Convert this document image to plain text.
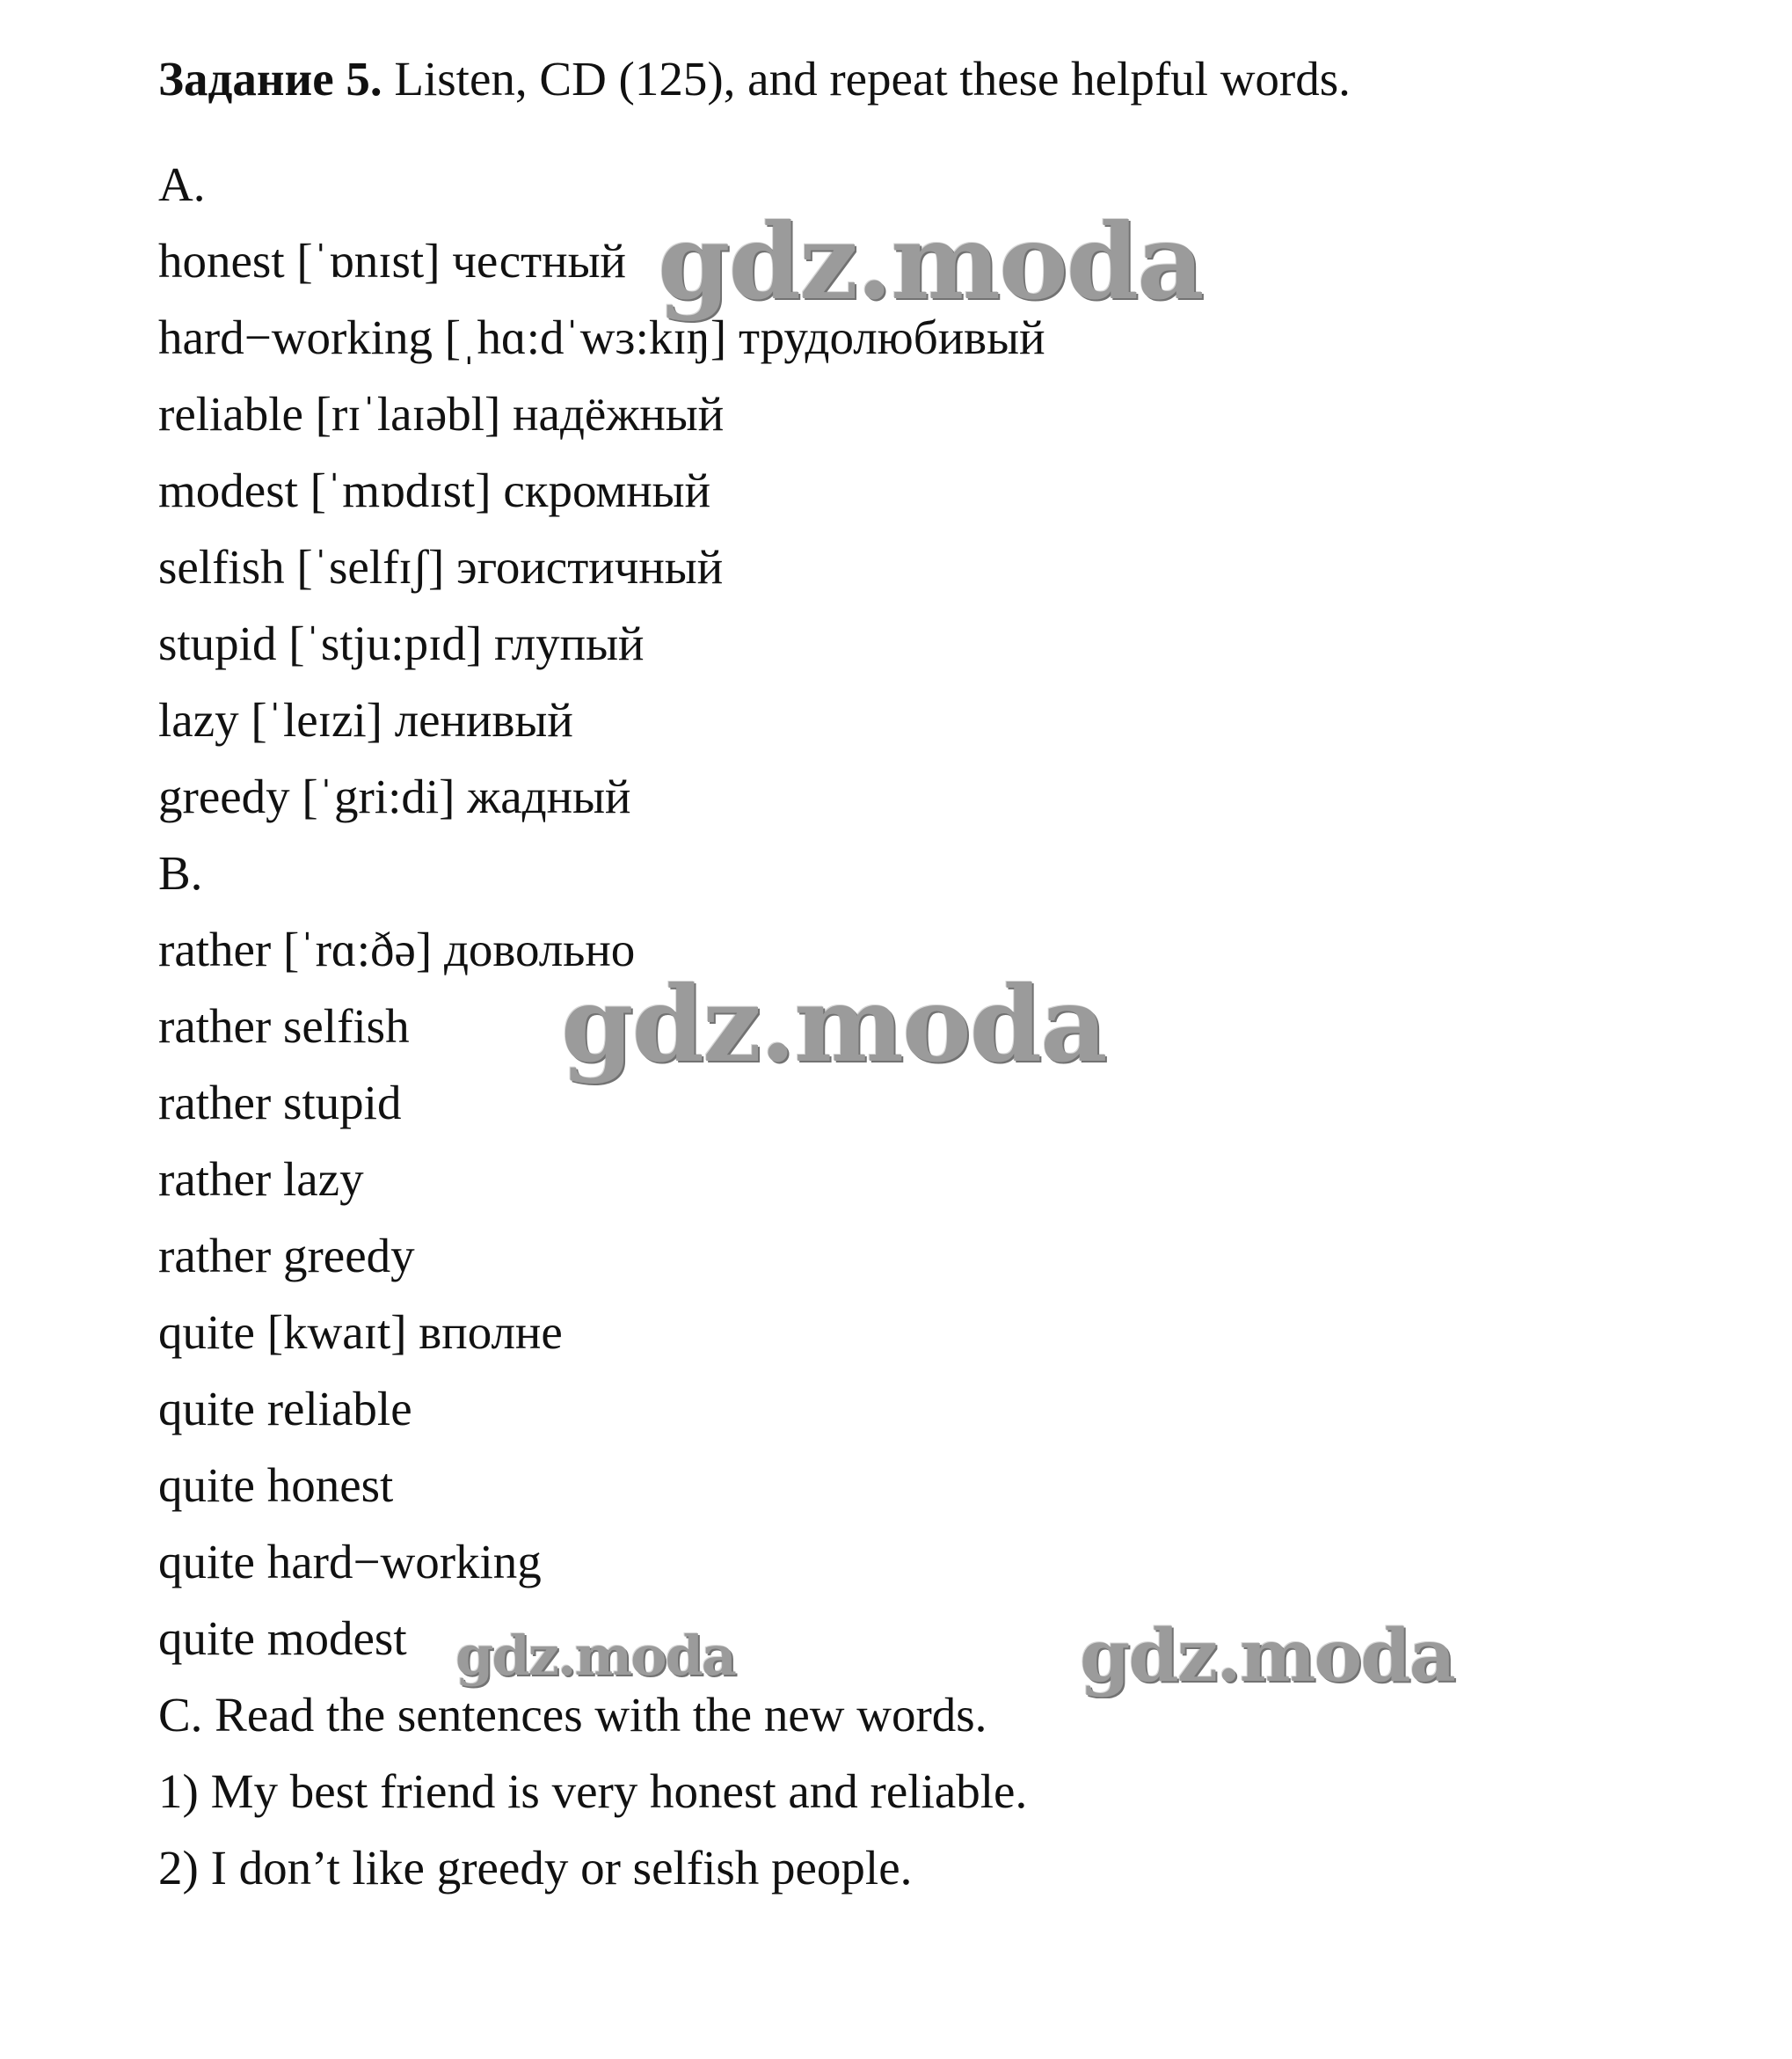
Задание 5. Listen, CD (125), and repeat these helpful words.
A.
honest [ˈɒnɪst] честный
hard−working [ˌhɑ:dˈwɜ:kɪŋ] трудолюбивый
reliable [rɪˈlaɪəbl] надёжный
modest [ˈmɒdɪst] скромный
selfish [ˈselfɪʃ] эгоистичный
stupid [ˈstju:pɪd] глупый
lazy [ˈleɪzi] ленивый
greedy [ˈgri:di] жадный
B.
rather [ˈrɑ:ðə] довольно
rather selfish
rather stupid
rather lazy
rather greedy
quite [kwaɪt] вполне
quite reliable
quite honest
quite hard−working
quite modest
C. Read the sentences with the new words.
1) My best friend is very honest and reliable.
2) I don’t like greedy or selfish people.
gdz.moda
gdz.moda
gdz.moda	gdz.moda
